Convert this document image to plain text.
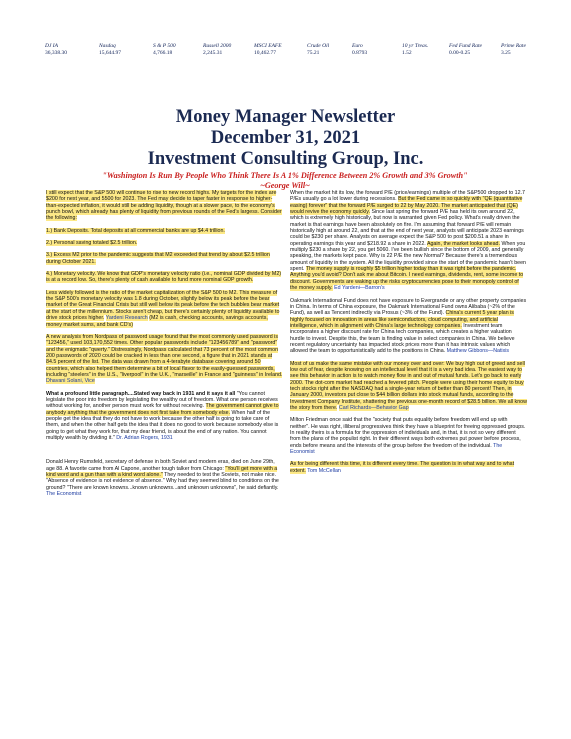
DJ IA
36,338.30
Nasdaq
15,644.97
S & P 500
4,766.18
Russell 2000
2,245.31
MSCI EAFE
10,462.77
Crude Oil
75.21
Euro
0.8793
10 yr Treas.
1.52
Fed Fund Rate
0.00-0.25
Prime Rate
3.25
Money Manager Newsletter
December 31, 2021
Investment Consulting Group, Inc.
"Washington Is Run By People Who Think There Is A 1% Difference Between 2% Growth and 3% Growth"
~George Will~

I still expect that the S&P 500 will continue to rise to new record highs. My targets for the index are $200 for next year, and 5500 for 2023. The Fed may decide to taper faster in response to higher-than-expected inflation, it would still be adding liquidity, though at a slower pace, to the economy's punch bowl, which already has plenty of liquidity from previous rounds of the Fed's largess. Consider the following:

1.) Bank Deposits. Total deposits at all commercial banks are up $4.4 trillion.

2.) Personal saving totaled $2.5 trillion.

3.) Excess M2 prior to the pandemic suggests that M2 exceeded that trend by about $2.5 trillion during October 2021.

4.) Monetary velocity. We know that GDP's monetary velocity ratio (i.e., nominal GDP divided by M2) is at a record low. So, there's plenty of cash available to fund more nominal GDP growth.

Less widely followed is the ratio of the market capitalization of the S&P 500 to M2. This measure of the S&P 500's monetary velocity was 1.8 during October, slightly below its peak before the bear market of the Great Financial Crisis but still well below its peak before the tech bubbles bear market at the start of the millennium. Stocks aren't cheap, but there's certainly plenty of liquidity available to drive stock prices higher. Yardeni Research (M2 is cash, checking accounts, savings accounts, money market sums, and bank CD's)

A new analysis from Nordpass of password usage found that the most commonly used password is "123456," used 103,170,552 times. Other popular passwords include "123456789" and "password" and the enigmatic "qwerty." Distressingly, Nordpass calculated that 73 percent of the most common 200 passwords of 2020 could be cracked in less than one second, a figure that in 2021 stands at 84.5 percent of the list. The data was drawn from a 4-terabyte database covering around 50 countries, which also helped them determine a bit of local flavor to the easily-guessed passwords, including "steelers" in the U.S., "liverpool" in the U.K., "marseille" in France and "guinness" in Ireland. Dhavani Solani, Vice

What a profound little paragraph....Stated way back in 1931 and it says it all "You cannot legislate the poor into freedom by legislating the wealthy out of freedom. What one person receives without working for, another person must work for without receiving. The government cannot give to anybody anything that the government does not first take from somebody else. When half of the people get the idea that they do not have to work because the other half is going to take care of them, and when the other half gets the idea that it does no good to work because somebody else is going to get what they work for, that my dear friend, is about the end of any nation. You cannot multiply wealth by dividing it." Dr. Adrian Rogers, 1931

Donald Henry Rumsfeld, secretary of defense in both Soviet and modern eras, died on June 29th, age 88. A favorite came from Al Capone, another tough talker from Chicago: "You'll get more with a kind word and a gun than with a kind word alone." They needed to test the Soviets, not make nice. "Absence of evidence is not evidence of absence." Why had they seemed blind to conditions on the ground? "There are known knowns...known unknowns...and unknown unknowns", he said defiantly. The Economist

When the market hit its low, the forward P/E (price/earnings) multiple of the S&P500 dropped to 12.7 P/Es usually go a lot lower during recessions. But the Fed came in so quickly with "QE (quantitative easing) forever" that the forward P/E surged to 22 by May 2020. The market anticipated that (QE) would revive the economy quickly. Since last spring the forward P/E has held its own around 22, which is extremely high historically, but now is warranted given Fed policy. What's really driven the market is that earnings have been absolutely on fire. I'm assuming that forward P/E will remain historically high at around 22, and that at the end of next year, analysts will anticipate 2023 earnings could be $230 per share. Analysts on average expect the S&P 500 to post $200.51 a share in operating earnings this year and $218.92 a share in 2022. Again, the market looks ahead. When you multiply $230 a share by 22, you get 5060. I've been bullish since the bottom of 2009, and generally speaking, the markets kept pace. Why is 22 P/E the new Normal? Because there's a tremendous amount of liquidity in the system. All the liquidity provided since the start of the pandemic hasn't been spent. The money supply is roughly $5 trillion higher today than it was right before the pandemic. Anything you'd avoid? Don't ask me about Bitcoin. I need earnings, dividends, rent, some income to discount. Governments are waking up the risks cryptocurrencies pose to their monopoly control of the money supply. Ed Yardeni—Barron's

Oakmark International Fund does not have exposure to Evergrande or any other property companies in China. In terms of China exposure, the Oakmark International Fund owns Alibaba (~2% of the Fund), as well as Tencent indirectly via Prosus (~3% of the Fund). China's current 5 year plan is highly focused on innovation in areas like semiconductors, cloud computing, and artificial intelligence, which in alignment with China's large technology companies. Investment team incorporates a higher discount rate for China tech companies, which creates a higher valuation hurdle to invest. Despite this, the team is finding value in select companies in China. We believe recent regulatory uncertainty has impacted stock prices more than it has intrinsic values which allowed the team to opportunistically add to the positions in China. Matthew Gibbons—Natixis

Most of us make the same mistake with our money over and over: We buy high out of greed and sell low out of fear, despite knowing on an intellectual level that it is a very bad idea. The easiest way to see this behavior in action is to watch money flow in and out of mutual funds. Let's go back to early 2000. The dot-com market had reached a fevered pitch. People were using their home equity to buy tech stocks right after the NASDAQ had a single-year return of better than 80 percent! Then, in January 2000, investors put close to $44 billion dollars into stock mutual funds, according to the Investment Company Institute, shattering the previous one-month record of $28.5 billion. We all know the story from there. Carl Richards—Behavior Gap

Milton Friedman once said that the "society that puts equality before freedom will end up with neither". He was right, illiberal progressives think they have a blueprint for freeing oppressed groups. In reality theirs is a formula for the oppression of individuals and, in that, it is not so very different from the plans of the populist right. In their different ways both extremes put power before process, ends before means and the interests of the group before the freedom of the individual. The Economist

As for being different this time, it is different every time. The question is in what way and to what extent. Tom McCellan
